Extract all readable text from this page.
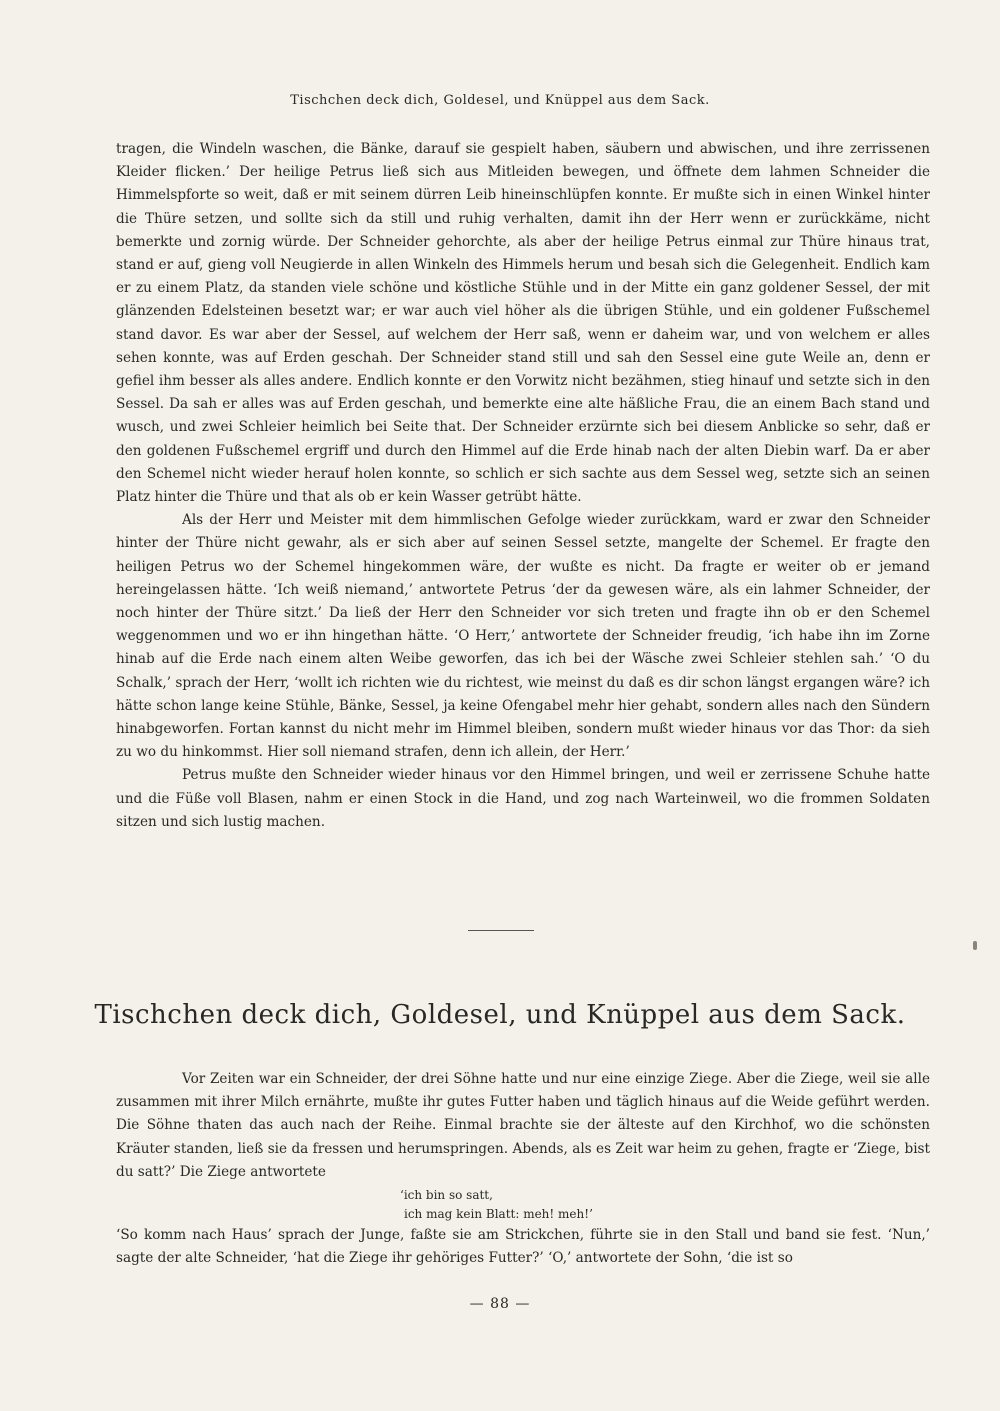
Tischchen deck dich, Goldesel, und Knüppel aus dem Sack.

tragen, die Windeln waschen, die Bänke, darauf sie gespielt haben, säubern und abwischen, und ihre zerrissenen Kleider flicken.’ Der heilige Petrus ließ sich aus Mitleiden bewegen, und öffnete dem lahmen Schneider die Himmelspforte so weit, daß er mit seinem dürren Leib hineinschlüpfen konnte. Er mußte sich in einen Winkel hinter die Thüre setzen, und sollte sich da still und ruhig verhalten, damit ihn der Herr wenn er zurückkäme, nicht bemerkte und zornig würde. Der Schneider gehorchte, als aber der heilige Petrus einmal zur Thüre hinaus trat, stand er auf, gieng voll Neugierde in allen Winkeln des Himmels herum und besah sich die Gelegenheit. Endlich kam er zu einem Platz, da standen viele schöne und köstliche Stühle und in der Mitte ein ganz goldener Sessel, der mit glänzenden Edelsteinen besetzt war; er war auch viel höher als die übrigen Stühle, und ein goldener Fußschemel stand davor. Es war aber der Sessel, auf welchem der Herr saß, wenn er daheim war, und von welchem er alles sehen konnte, was auf Erden geschah. Der Schneider stand still und sah den Sessel eine gute Weile an, denn er gefiel ihm besser als alles andere. Endlich konnte er den Vorwitz nicht bezähmen, stieg hinauf und setzte sich in den Sessel. Da sah er alles was auf Erden geschah, und bemerkte eine alte häßliche Frau, die an einem Bach stand und wusch, und zwei Schleier heimlich bei Seite that. Der Schneider erzürnte sich bei diesem Anblicke so sehr, daß er den goldenen Fußschemel ergriff und durch den Himmel auf die Erde hinab nach der alten Diebin warf. Da er aber den Schemel nicht wieder herauf holen konnte, so schlich er sich sachte aus dem Sessel weg, setzte sich an seinen Platz hinter die Thüre und that als ob er kein Wasser getrübt hätte.

Als der Herr und Meister mit dem himmlischen Gefolge wieder zurückkam, ward er zwar den Schneider hinter der Thüre nicht gewahr, als er sich aber auf seinen Sessel setzte, mangelte der Schemel. Er fragte den heiligen Petrus wo der Schemel hingekommen wäre, der wußte es nicht. Da fragte er weiter ob er jemand hereingelassen hätte. ‘Ich weiß niemand,’ antwortete Petrus ‘der da gewesen wäre, als ein lahmer Schneider, der noch hinter der Thüre sitzt.’ Da ließ der Herr den Schneider vor sich treten und fragte ihn ob er den Schemel weggenommen und wo er ihn hingethan hätte. ‘O Herr,’ antwortete der Schneider freudig, ‘ich habe ihn im Zorne hinab auf die Erde nach einem alten Weibe geworfen, das ich bei der Wäsche zwei Schleier stehlen sah.’ ‘O du Schalk,’ sprach der Herr, ‘wollt ich richten wie du richtest, wie meinst du daß es dir schon längst ergangen wäre? ich hätte schon lange keine Stühle, Bänke, Sessel, ja keine Ofengabel mehr hier gehabt, sondern alles nach den Sündern hinabgeworfen. Fortan kannst du nicht mehr im Himmel bleiben, sondern mußt wieder hinaus vor das Thor: da sieh zu wo du hinkommst. Hier soll niemand strafen, denn ich allein, der Herr.’

Petrus mußte den Schneider wieder hinaus vor den Himmel bringen, und weil er zerrissene Schuhe hatte und die Füße voll Blasen, nahm er einen Stock in die Hand, und zog nach Warteinweil, wo die frommen Soldaten sitzen und sich lustig machen.

Tischchen deck dich, Goldesel, und Knüppel aus dem Sack.

Vor Zeiten war ein Schneider, der drei Söhne hatte und nur eine einzige Ziege. Aber die Ziege, weil sie alle zusammen mit ihrer Milch ernährte, mußte ihr gutes Futter haben und täglich hinaus auf die Weide geführt werden. Die Söhne thaten das auch nach der Reihe. Einmal brachte sie der älteste auf den Kirchhof, wo die schönsten Kräuter standen, ließ sie da fressen und herumspringen. Abends, als es Zeit war heim zu gehen, fragte er ‘Ziege, bist du satt?’ Die Ziege antwortete

‘ich bin so satt,
ich mag kein Blatt: meh! meh!’

‘So komm nach Haus’ sprach der Junge, faßte sie am Strickchen, führte sie in den Stall und band sie fest. ‘Nun,’ sagte der alte Schneider, ‘hat die Ziege ihr gehöriges Futter?’ ‘O,’ antwortete der Sohn, ‘die ist so

— 88 —
